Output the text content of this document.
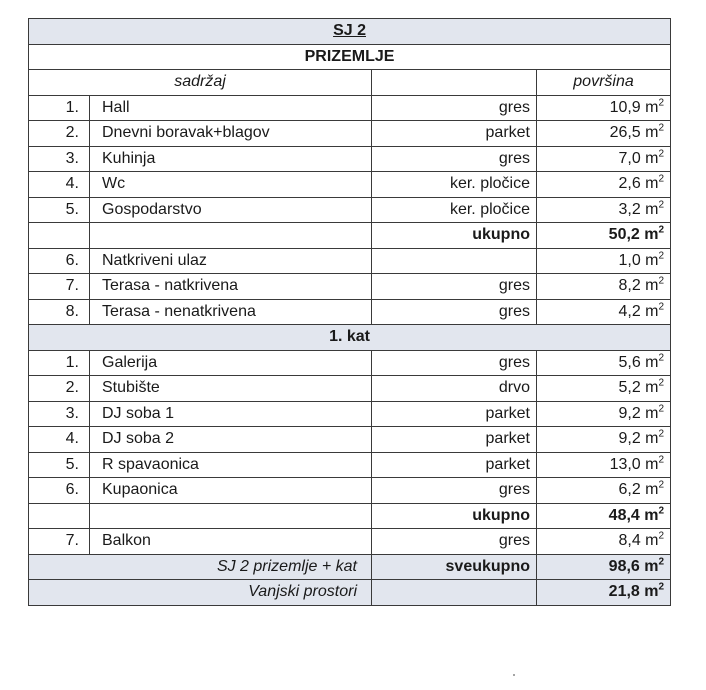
SJ 2			
PRIZEMLJE			
sadržaj			površina
1.	Hall	gres	10,9 $m^2$
2.	Dnevni boravak+blagov	parket	26,5 $m^2$
3.	Kuhinja	gres	7,0 $m^2$
4.	Wc	ker. pločice	2,6 $m^2$
5.	Gospodarstvo	ker. pločice	3,2 $m^2$
		ukupno	50,2 $m^2$
6.	Natkriveni ulaz		1,0 $m^2$
7.	Terasa - natkrivena	gres	8,2 $m^2$
8.	Terasa - nenatkrivena	gres	4,2 $m^2$
1. kat			
1.	Galerija	gres	5,6 $m^2$
2.	Stubište	drvo	5,2 $m^2$
3.	DJ soba 1	parket	9,2 $m^2$
4.	DJ soba 2	parket	9,2 $m^2$
5.	R spavaonica	parket	13,0 $m^2$
6.	Kupaonica	gres	6,2 $m^2$
		ukupno	48,4 $m^2$
7.	Balkon	gres	8,4 $m^2$
SJ 2 prizemlje + kat		sveukupno	98,6 $m^2$
Vanjski prostori			21,8 $m^2$
